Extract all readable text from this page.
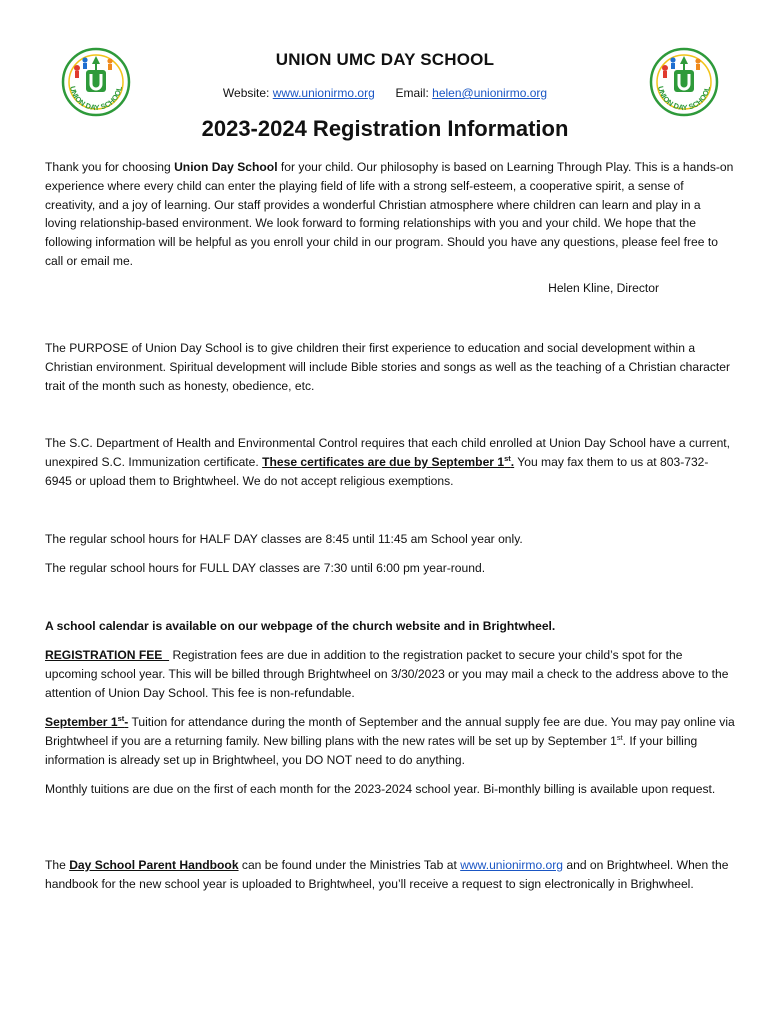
UNION DAY SCHOOL	UNION DAY SCHOOL
UNION UMC DAY SCHOOL
Website: www.unionirmo.org Email: helen@unionirmo.org
2023-2024 Registration Information
Thank you for choosing Union Day School for your child. Our philosophy is based on Learning Through Play. This is a hands-on experience where every child can enter the playing field of life with a strong self-esteem, a cooperative spirit, a sense of creativity, and a joy of learning. Our staff provides a wonderful Christian atmosphere where children can learn and play in a loving relationship-based environment. We look forward to forming relationships with you and your child. We hope that the following information will be helpful as you enroll your child in our program. Should you have any questions, please feel free to call or email me.
Helen Kline, Director
The PURPOSE of Union Day School is to give children their first experience to education and social development within a Christian environment. Spiritual development will include Bible stories and songs as well as the teaching of a Christian character trait of the month such as honesty, obedience, etc.
The S.C. Department of Health and Environmental Control requires that each child enrolled at Union Day School have a current, unexpired S.C. Immunization certificate. These certificates are due by September 1st. You may fax them to us at 803-732-6945 or upload them to Brightwheel. We do not accept religious exemptions.
The regular school hours for HALF DAY classes are 8:45 until 11:45 am School year only.
The regular school hours for FULL DAY classes are 7:30 until 6:00 pm year-round.
A school calendar is available on our webpage of the church website and in Brightwheel.
REGISTRATION FEE   Registration fees are due in addition to the registration packet to secure your child’s spot for the upcoming school year. This will be billed through Brightwheel on 3/30/2023 or you may mail a check to the address above to the attention of Union Day School. This fee is non-refundable.
September 1st- Tuition for attendance during the month of September and the annual supply fee are due. You may pay online via Brightwheel if you are a returning family. New billing plans with the new rates will be set up by September 1st. If your billing information is already set up in Brightwheel, you DO NOT need to do anything.
Monthly tuitions are due on the first of each month for the 2023-2024 school year. Bi-monthly billing is available upon request.
The Day School Parent Handbook can be found under the Ministries Tab at www.unionirmo.org and on Brightwheel. When the handbook for the new school year is uploaded to Brightwheel, you’ll receive a request to sign electronically in Brighwheel.
